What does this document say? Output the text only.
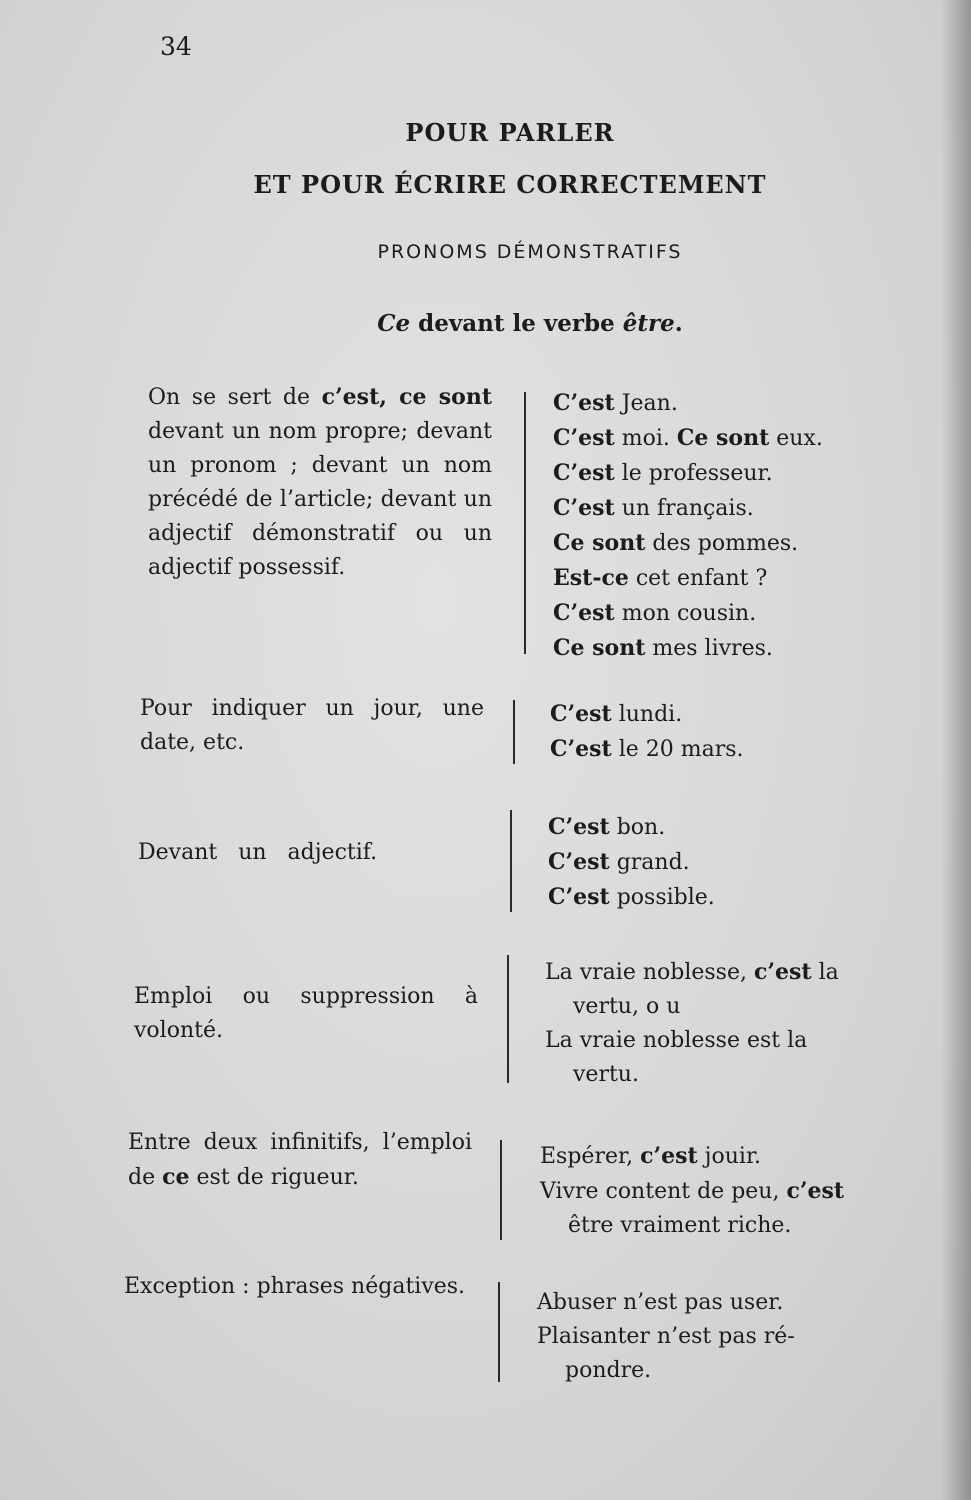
34
POUR PARLER
ET POUR ÉCRIRE CORRECTEMENT
PRONOMS DÉMONSTRATIFS
Ce devant le verbe être.
On se sert de c’est, ce sont devant un nom propre; devant un pronom ; devant un nom précédé de l’article; devant un adjectif démonstratif ou un adjectif possessif.
C’est Jean.
C’est moi. Ce sont eux.
C’est le professeur.
C’est un français.
Ce sont des pommes.
Est-ce cet enfant ?
C’est mon cousin.
Ce sont mes livres.
Pour indiquer un jour, une date, etc.
C’est lundi.
C’est le 20 mars.
Devant un adjectif.
C’est bon.
C’est grand.
C’est possible.
Emploi ou suppression à volonté.
La vraie noblesse, c’est la
vertu, o u
La vraie noblesse est la
vertu.
Entre deux infinitifs, l’emploi de ce est de rigueur.
Espérer, c’est jouir.
Vivre content de peu, c’est
être vraiment riche.
Exception : phrases négatives.
Abuser n’est pas user.
Plaisanter n’est pas ré-
pondre.
